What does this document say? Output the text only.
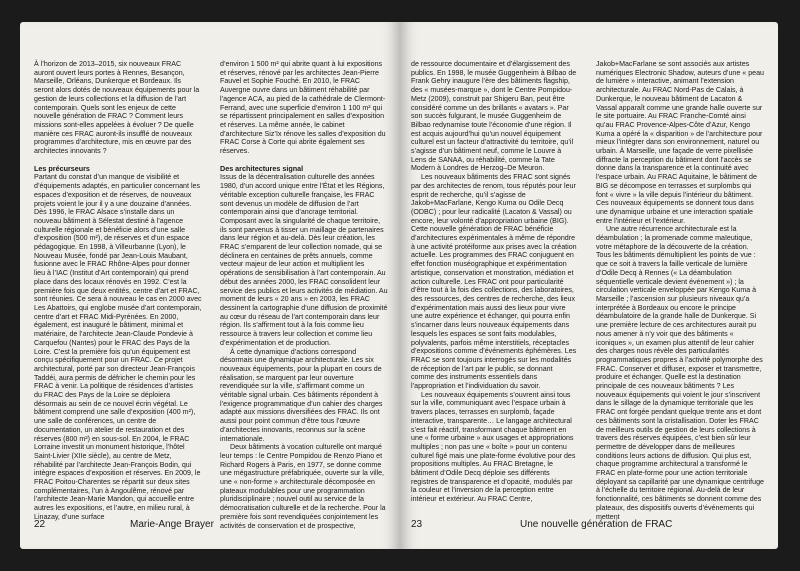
À l’horizon de 2013–2015, six nouveaux FRAC auront ouvert leurs portes à Rennes, Besançon, Marseille, Orléans, Dunkerque et Bordeaux. Ils seront alors dotés de nouveaux équipements pour la gestion de leurs collections et la diffusion de l’art contemporain. Quels sont les enjeux de cette nouvelle génération de FRAC ? Comment leurs missions sont-elles appelées à évoluer ? De quelle manière ces FRAC auront-ils insufflé de nouveaux programmes d’architecture, mis en œuvre par des architectes innovants ?

Les précurseurs

Partant du constat d’un manque de visibilité et d’équipements adaptés, en particulier concernant les espaces d’exposition et de réserves, de nouveaux projets voient le jour il y a une douzaine d’années. Dès 1996, le FRAC Alsace s’installe dans un nouveau bâtiment à Sélestat destiné à l’agence culturelle régionale et bénéficie alors d’une salle d’exposition (500 m²), de réserves et d’un espace pédagogique. En 1998, à Villeurbanne (Lyon), le Nouveau Musée, fondé par Jean-Louis Maubant, fusionne avec le FRAC Rhône-Alpes pour donner lieu à l’IAC (Institut d’Art contemporain) qui prend place dans des locaux rénovés en 1992. C’est la première fois que deux entités, centre d’art et FRAC, sont réunies. Ce sera à nouveau le cas en 2000 avec Les Abattoirs, qui englobe musée d’art contemporain, centre d’art et FRAC Midi-Pyrénées. En 2000, également, est inauguré le bâtiment, minimal et matériaire, de l’architecte Jean-Claude Pondevie à Carquefou (Nantes) pour le FRAC des Pays de la Loire. C’est la première fois qu’un équipement est conçu spécifiquement pour un FRAC. Ce projet architectural, porté par son directeur Jean-François Taddéi, aura permis de défricher le chemin pour les FRAC à venir. La politique de résidences d’artistes du FRAC des Pays de la Loire se déploiera désormais au sein de ce nouvel écrin végétal. Le bâtiment comprend une salle d’exposition (400 m²), une salle de conférences, un centre de documentation, un atelier de restauration et des réserves (800 m²) en sous-sol. En 2004, le FRAC Lorraine investit un monument historique, l’hôtel Saint-Livier (XIIe siècle), au centre de Metz, réhabilité par l’architecte Jean-François Bodin, qui intègre espaces d’exposition et réserves. En 2009, le FRAC Poitou-Charentes se répartit sur deux sites complémentaires, l’un à Angoulême, rénové par l’architecte Jean-Marie Mandon, qui accueille entre autres les expositions, et l’autre, en milieu rural, à Linazay, d’une surface

d’environ 1 500 m² qui abrite quant à lui expositions et réserves, rénové par les architectes Jean-Pierre Fauvel et Sophie Fouché. En 2010, le FRAC Auvergne ouvre dans un bâtiment réhabilité par l’agence ACA, au pied de la cathédrale de Clermont-Ferrand, avec une superficie d’environ 1 100 m² qui se répartissent principalement en salles d’exposition et réserves. La même année, le cabinet d’architecture Siz’Ix rénove les salles d’exposition du FRAC Corse à Corte qui abrite également ses réserves.

Des architectures signal

Issus de la décentralisation culturelle des années 1980, d’un accord unique entre l’État et les Régions, véritable exception culturelle française, les FRAC sont devenus un modèle de diffusion de l’art contemporain ainsi que d’ancrage territorial. Composant avec la singularité de chaque territoire, ils sont parvenus à tisser un maillage de partenaires dans leur région et au-delà. Dès leur création, les FRAC s’emparent de leur collection nomade, qui se déclinera en centaines de prêts annuels, comme vecteur majeur de leur action et multiplient les opérations de sensibilisation à l’art contemporain. Au début des années 2000, les FRAC consolident leur service des publics et leurs activités de médiation. Au moment de leurs « 20 ans » en 2003, les FRAC dessinent la cartographie d’une diffusion de proximité au cœur du réseau de l’art contemporain dans leur région. Ils s’affirment tout à la fois comme lieu ressource à travers leur collection et comme lieu d’expérimentation et de production.

À cette dynamique d’actions correspond désormais une dynamique architecturale. Les six nouveaux équipements, pour la plupart en cours de réalisation, se marquent par leur ouverture revendiquée sur la ville, s’affirmant comme un véritable signal urbain. Ces bâtiments répondent à l’exigence programmatique d’un cahier des charges adapté aux missions diversifiées des FRAC. Ils ont aussi pour point commun d’être tous l’œuvre d’architectes innovants, reconnus sur la scène internationale.

Deux bâtiments à vocation culturelle ont marqué leur temps : le Centre Pompidou de Renzo Piano et Richard Rogers à Paris, en 1977, se donne comme une mégastructure préfabriquée, ouverte sur la ville, une « non-forme » architecturale décomposée en plateaux modulables pour une programmation pluridisciplinaire ; nouvel outil au service de la démocratisation culturelle et de la recherche. Pour la première fois sont revendiquées conjointement les activités de conservation et de prospective,

22	Marie-Ange Brayer

de ressource documentaire et d’élargissement des publics. En 1998, le musée Guggenheim à Bilbao de Frank Gehry inaugure l’ère des bâtiments flagship, des « musées-marque », dont le Centre Pompidou-Metz (2009), construit par Shigeru Ban, peut être considéré comme un des brillants « avatars ». Par son succès fulgurant, le musée Guggenheim de Bilbao redynamise toute l’économie d’une région. Il est acquis aujourd’hui qu’un nouvel équipement culturel est un facteur d’attractivité du territoire, qu’il s’agisse d’un bâtiment neuf, comme le Louvre à Lens de SANAA, ou réhabilité, comme la Tate Modern à Londres de Herzog–De Meuron.

Les nouveaux bâtiments des FRAC sont signés par des architectes de renom, tous réputés pour leur esprit de recherche, qu’il s’agisse de Jakob+MacFarlane, Kengo Kuma ou Odile Decq (ODBC) ; pour leur radicalité (Lacaton & Vassal) ou encore, leur volonté d’appropriation urbaine (BIG). Cette nouvelle génération de FRAC bénéficie d’architectures expérimentales à même de répondre à une activité protéiforme aux prises avec la création actuelle. Les programmes des FRAC conjuguent en effet fonction muséographique et expérimentation artistique, conservation et monstration, médiation et action culturelle. Les FRAC ont pour particularité d’être tout à la fois des collections, des laboratoires, des ressources, des centres de recherche, des lieux d’expérimentation mais aussi des lieux pour vivre une autre expérience et échanger, qui pourra enfin s’incarner dans leurs nouveaux équipements dans lesquels les espaces se sont faits modulables, polyvalents, parfois même interstitiels, réceptacles d’expositions comme d’événements éphémères. Les FRAC se sont toujours interrogés sur les modalités de réception de l’art par le public, se donnant comme des instruments essentiels dans l’appropriation et l’individuation du savoir.

Les nouveaux équipements s’ouvrent ainsi tous sur la ville, communiquant avec l’espace urbain à travers places, terrasses en surplomb, façade interactive, transparente… Le langage architectural s’est fait réactif, transformant chaque bâtiment en une « forme urbaine » aux usages et appropriations multiples ; non pas une « boîte » pour un contenu culturel figé mais une plate-forme évolutive pour des propositions multiples. Au FRAC Bretagne, le bâtiment d’Odile Decq déploie ses différents registres de transparence et d’opacité, modulés par la couleur et l’inversion de la perception entre intérieur et extérieur. Au FRAC Centre,

Jakob+MacFarlane se sont associés aux artistes numériques Electronic Shadow, auteurs d’une « peau de lumière » interactive, animant l’extension architecturale. Au FRAC Nord-Pas de Calais, à Dunkerque, le nouveau bâtiment de Lacaton & Vassal apparaît comme une grande halle ouverte sur le site portuaire. Au FRAC Franche-Comté ainsi qu’au FRAC Provence-Alpes-Côte d’Azur, Kengo Kuma a opéré la « disparition » de l’architecture pour mieux l’intégrer dans son environnement, naturel ou urbain. À Marseille, une façade de verre pixellisée diffracte la perception du bâtiment dont l’accès se donne dans la transparence et la continuité avec l’espace urbain. Au FRAC Aquitaine, le bâtiment de BIG se décompose en terrasses et surplombs qui font « vivre » la ville depuis l’intérieur du bâtiment. Ces nouveaux équipements se donnent tous dans une dynamique urbaine et une interaction spatiale entre l’intérieur et l’extérieur.

Une autre récurrence architecturale est la déambulation ; la promenade comme maïeutique, votre métaphore de la découverte de la création. Tous les bâtiments démultiplient les points de vue : que ce soit à travers la faille verticale de lumière d’Odile Decq à Rennes (« La déambulation séquentielle verticale devient événement ») ; la circulation verticale enveloppée par Kengo Kuma à Marseille ; l’ascension sur plusieurs niveaux qu’a interprétée à Bordeaux ou encore le principe déambulatoire de la grande halle de Dunkerque. Si une première lecture de ces architectures aurait pu nous amener à n’y voir que des bâtiments « iconiques », un examen plus attentif de leur cahier des charges nous révèle des particularités programmatiques propres à l’activité polymorphe des FRAC. Conserver et diffuser, exposer et transmettre, produire et échanger. Quelle est la destination principale de ces nouveaux bâtiments ? Les nouveaux équipements qui voient le jour s’inscrivent dans le sillage de la dynamique territoriale que les FRAC ont forgée pendant quelque trente ans et dont ces bâtiments sont la cristallisation. Doter les FRAC de meilleurs outils de gestion de leurs collections à travers des réserves équipées, c’est bien sûr leur permettre de développer dans de meilleures conditions leurs actions de diffusion. Qui plus est, chaque programme architectural a transformé le FRAC en plate-forme pour une action territoriale déployant sa capillarité par une dynamique centrifuge à l’échelle du territoire régional. Au-delà de leur fonctionnalité, ces bâtiments se donnent comme des plateaux, des dispositifs ouverts d’événements qui mettent

23	Une nouvelle génération de FRAC
